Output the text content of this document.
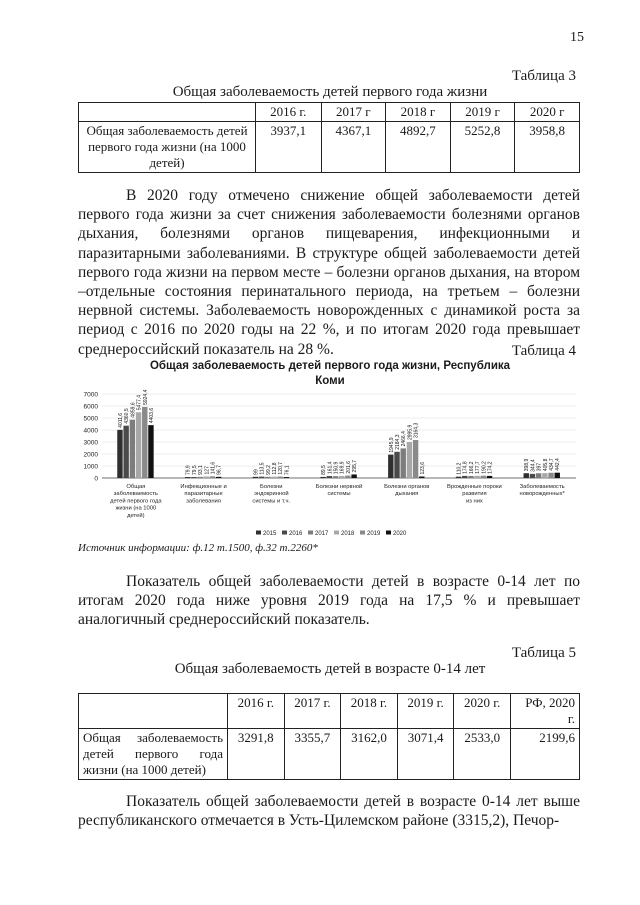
15
Таблица 3
Общая заболеваемость детей первого года жизни
	2016 г.	2017 г	2018 г	2019 г	2020 г
Общая заболеваемость детей первого года жизни (на 1000 детей)	3937,1	4367,1	4892,7	5252,8	3958,8

В 2020 году отмечено снижение общей заболеваемости детей первого года жизни за счет снижения заболеваемости болезнями органов дыхания, болезнями органов пищеварения, инфекционными и паразитарными заболеваниями. В структуре общей заболеваемости детей первого года жизни на первом месте – болезни органов дыхания, на втором –отдельные состояния перинатального периода, на третьем – болезни нервной системы. Заболеваемость новорожденных с динамикой роста за период с 2016 по 2020 годы на 22 %, и по итогам 2020 года превышает среднероссийский показатель на 28 %.	Таблица 4
Общая заболеваемость детей первого года жизни, Республика
Коми
0
1000
2000
3000
4000
5000
6000
7000
4011,6 4360,5 4859,6 5477,4 5924,4
4403,6
79,9 79,5 93,1 127 141,6 96,7	99 113,5 99,2 112,8 120,7 76,1	89,5 161,4 150,9 169,9 201,6 295,7
1945,9 2184,3 2466,4 2995,9 3164,3
123,6	110,2 174,8 166,2 177,7 190,2 174,2	398,9 344,4 397 405,8 434,7 442,4
Общая
заболеваемость
детей первого года
жизни (на 1000
детей)
Инфекционные и
паразитарные
заболевания
Болезни
эндокринной
системы и т.ч.
Болезни нервной
системы
Болезни органов
дыхания
Врожденные пороки
развития
из них
Заболеваемость
новорожденных*
2015 2016 2017 2018 2019 2020
Источник информации: ф.12 т.1500, ф.32 т.2260*

Показатель общей заболеваемости детей в возрасте 0-14 лет по итогам 2020 года ниже уровня 2019 года на 17,5 % и превышает аналогичный среднероссийский показатель.

Таблица 5
Общая заболеваемость детей в возрасте 0-14 лет
	2016 г.	2017 г.	2018 г.	2019 г.	2020 г.	РФ, 2020 г.
Общая заболеваемость детей первого года жизни (на 1000 детей)	3291,8	3355,7	3162,0	3071,4	2533,0	2199,6

Показатель общей заболеваемости детей в возрасте 0-14 лет выше республиканского отмечается в Усть-Цилемском районе (3315,2), Печор-
